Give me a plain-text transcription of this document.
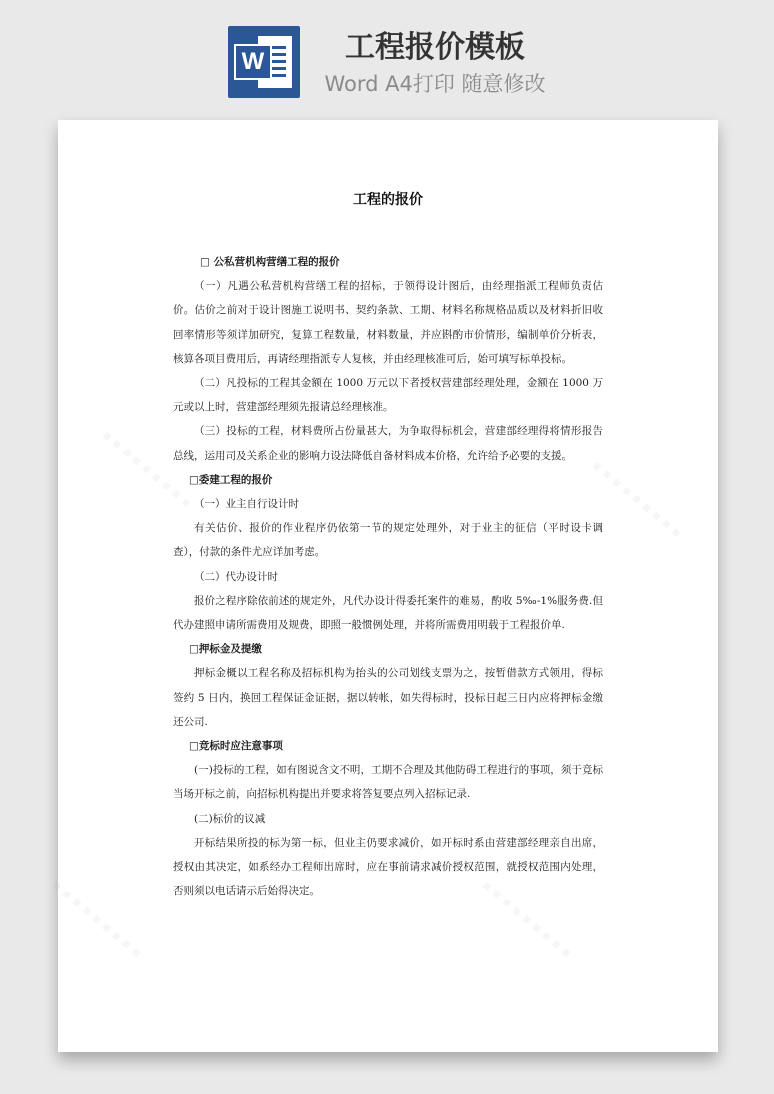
W	工程报价模板
Word A4打印 随意修改
·········	·········
·········	·········
工程的报价

□ 公私营机构营缮工程的报价

（一）凡遇公私营机构营缮工程的招标，于领得设计图后，由经理指派工程师负责估价。估价之前对于设计图施工说明书、契约条款、工期、材料名称规格品质以及材料折旧收回率情形等须详加研究，复算工程数量，材料数量，并应斟酌市价情形，编制单价分析表，核算各项目费用后，再请经理指派专人复核，并由经理核准可后，始可填写标单投标。

（二）凡投标的工程其金额在 1000 万元以下者授权营建部经理处理，金额在 1000 万元或以上时，营建部经理须先报请总经理核准。

（三）投标的工程，材料费所占份量甚大，为争取得标机会，营建部经理得将情形报告总线，运用司及关系企业的影响力设法降低自备材料成本价格，允许给予必要的支援。

□委建工程的报价

（一）业主自行设计时

有关估价、报价的作业程序仍依第一节的规定处理外，对于业主的征信（平时设卡调查），付款的条件尤应详加考虑。

（二）代办设计时

报价之程序除依前述的规定外，凡代办设计得委托案件的难易，酌收 5‰-1%服务费.但代办建照申请所需费用及规费，即照一般惯例处理，并将所需费用明载于工程报价单.

□押标金及提缴

押标金概以工程名称及招标机构为抬头的公司划线支票为之，按暂借款方式领用，得标签约 5 日内，换回工程保证金证据，据以转帐，如失得标时，投标日起三日内应将押标金缴还公司.

□竞标时应注意事项

(一)投标的工程，如有图说含文不明，工期不合理及其他防碍工程进行的事项，须于竞标当场开标之前，向招标机构提出并要求将答复要点列入招标记录.

(二)标价的议减

开标结果所投的标为第一标，但业主仍要求减价，如开标时系由营建部经理亲自出席，授权由其决定，如系经办工程师出席时，应在事前请求减价授权范围，就授权范围内处理，否则须以电话请示后始得决定。
